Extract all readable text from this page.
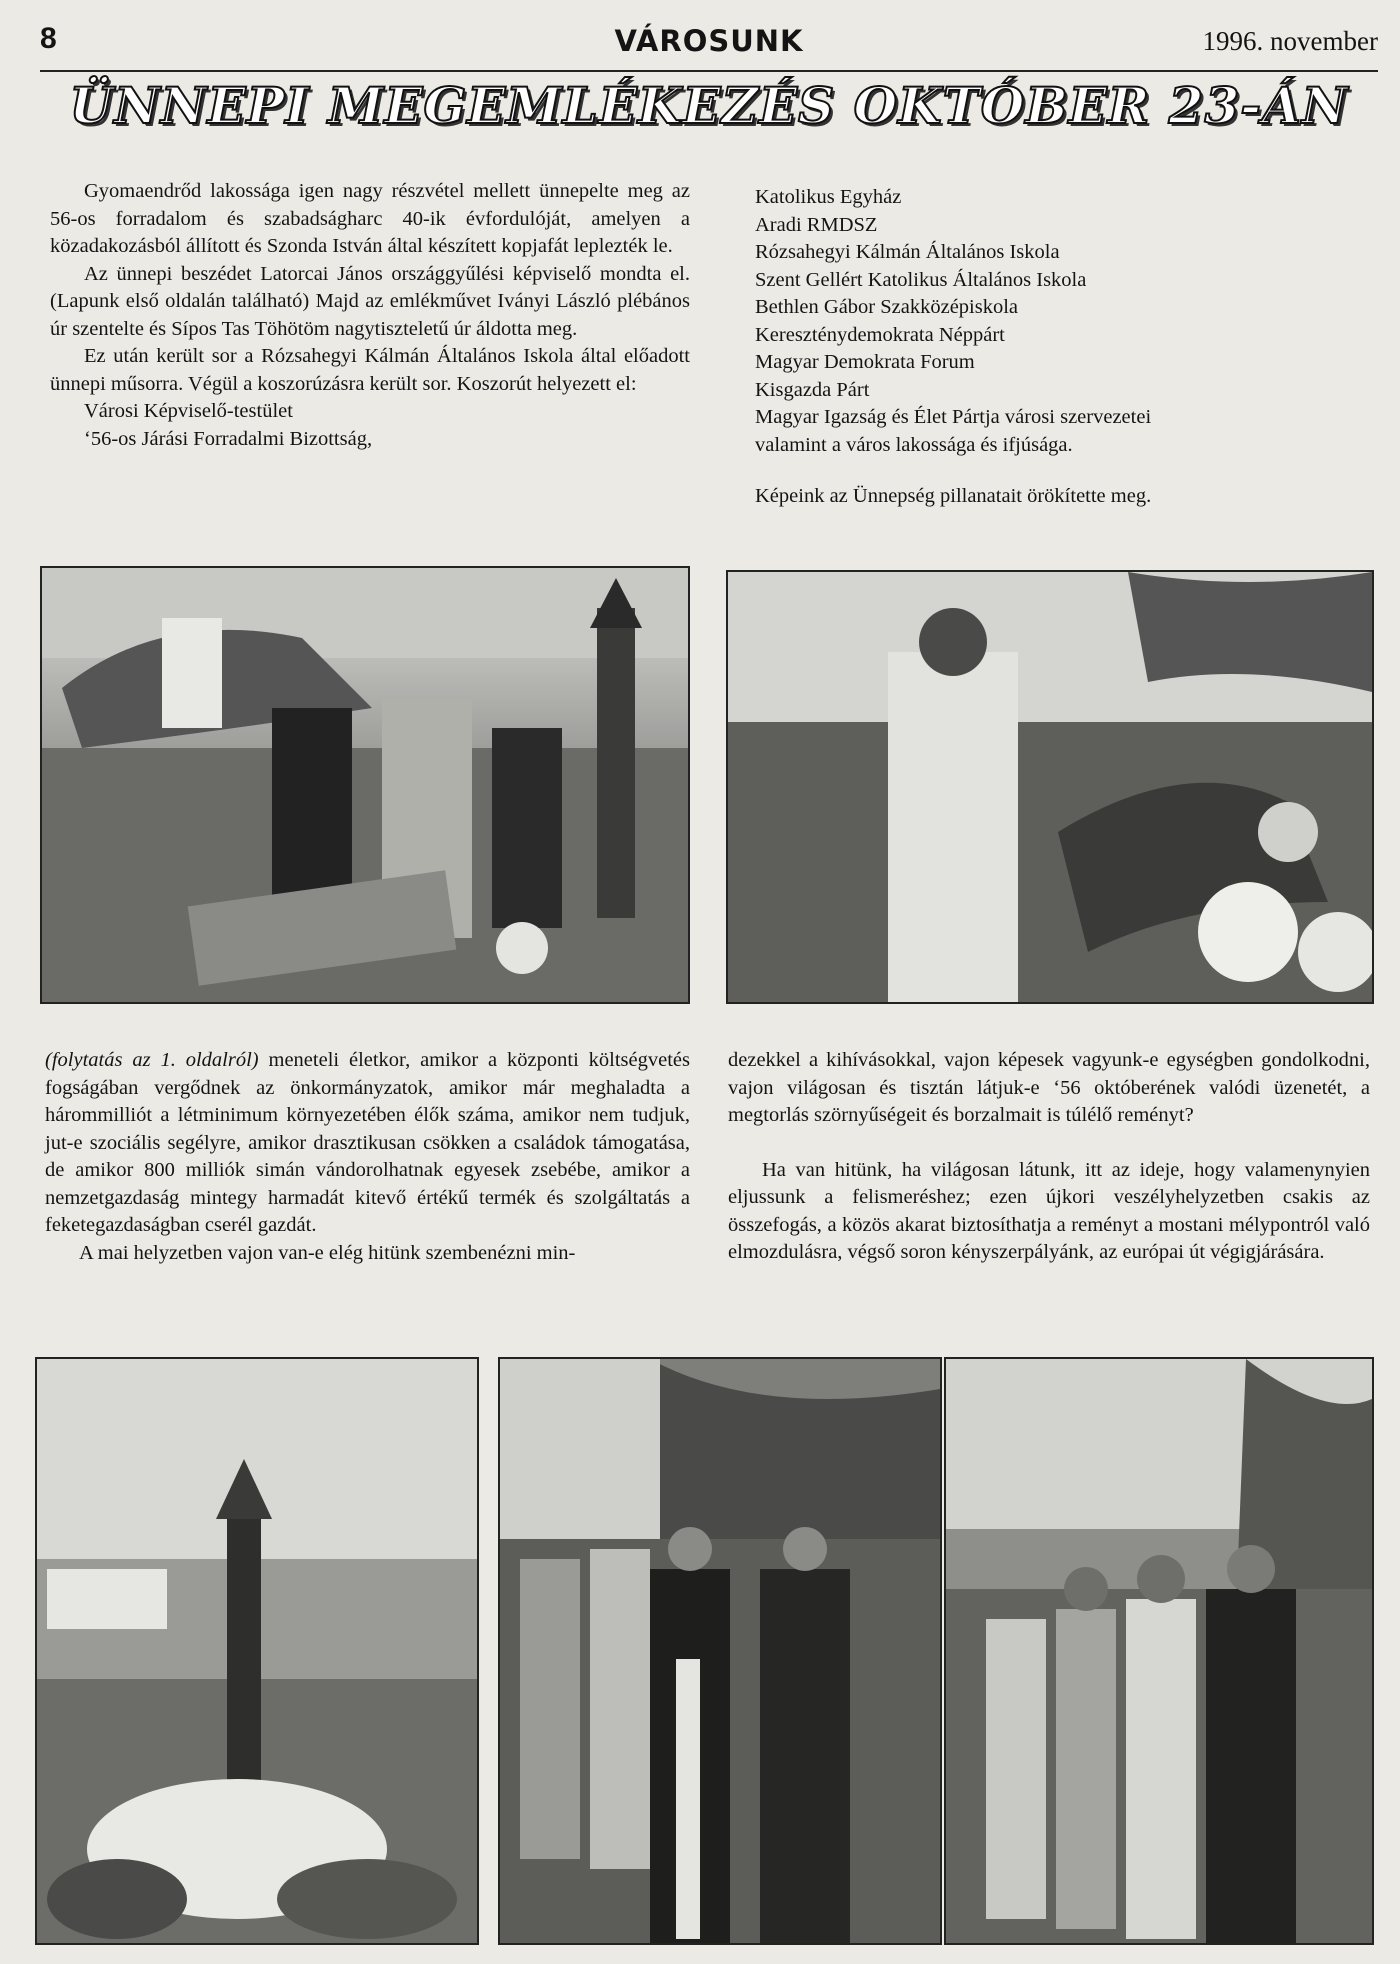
8	VÁROSUNK	1996. november
ÜNNEPI MEGEMLÉKEZÉS OKTÓBER 23-ÁN

Gyomaendrőd lakossága igen nagy részvétel mellett ünnepelte meg az 56-os forradalom és szabadságharc 40-ik évfordulóját, amelyen a közadakozásból állított és Szonda István által készített kopjafát leplezték le.

Az ünnepi beszédet Latorcai János országgyűlési képviselő mondta el. (Lapunk első oldalán található) Majd az emlékművet Iványi László plébános úr szentelte és Sípos Tas Töhötöm nagytiszteletű úr áldotta meg.

Ez után került sor a Rózsahegyi Kálmán Általános Iskola által előadott ünnepi műsorra. Végül a koszorúzásra került sor. Koszorút helyezett el:

Városi Képviselő-testület
‘56-os Járási Forradalmi Bizottság,
Katolikus Egyház
Aradi RMDSZ
Rózsahegyi Kálmán Általános Iskola
Szent Gellért Katolikus Általános Iskola
Bethlen Gábor Szakközépiskola
Kereszténydemokrata Néppárt
Magyar Demokrata Forum
Kisgazda Párt
Magyar Igazság és Élet Pártja városi szervezetei
valamint a város lakossága és ifjúsága.

Képeink az Ünnepség pillanatait örökítette meg.

(folytatás az 1. oldalról) meneteli életkor, amikor a központi költségvetés fogságában vergődnek az önkormányzatok, amikor már meghaladta a hárommilliót a létminimum környezetében élők száma, amikor nem tudjuk, jut-e szociális segélyre, amikor drasztikusan csökken a családok támogatása, de amikor 800 milliók simán vándorolhatnak egyesek zsebébe, amikor a nemzetgazdaság mintegy harmadát kitevő értékű termék és szolgáltatás a feketegazdaságban cserél gazdát.

A mai helyzetben vajon van-e elég hitünk szembenézni min-

dezekkel a kihívásokkal, vajon képesek vagyunk-e egységben gondolkodni, vajon világosan és tisztán látjuk-e ‘56 októberének valódi üzenetét, a megtorlás szörnyűségeit és borzalmait is túlélő reményt?

Ha van hitünk, ha világosan látunk, itt az ideje, hogy valamenynyien eljussunk a felismeréshez; ezen újkori veszélyhelyzetben csakis az összefogás, a közös akarat biztosíthatja a reményt a mostani mélypontról való elmozdulásra, végső soron kényszerpályánk, az európai út végigjárására.
